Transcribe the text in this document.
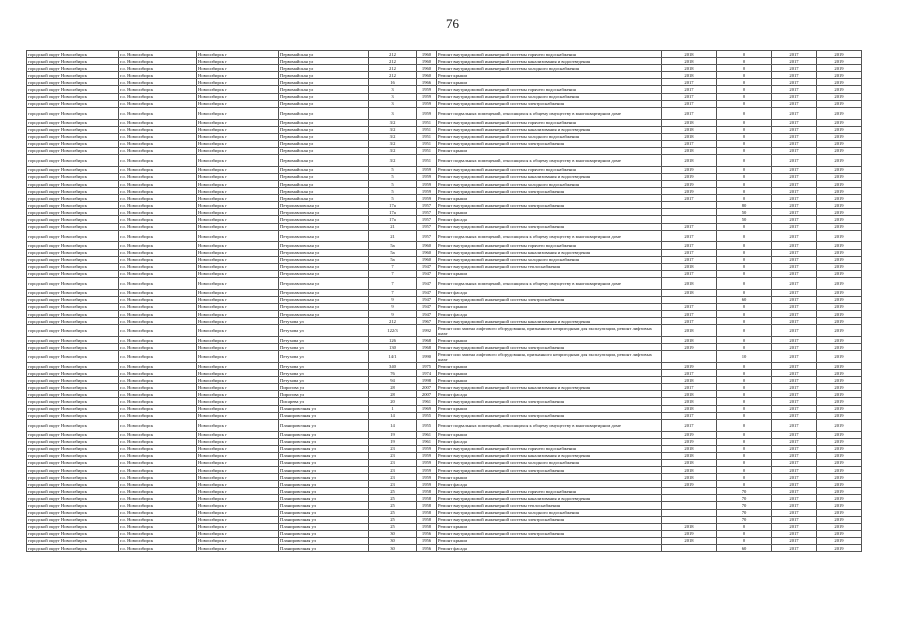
76
городской округ Новосибирск	г.о. Новосибирск	Новосибирск г	Первомайская ул	212	1960	Ремонт внутридомовой инженерной системы горячего водоснабжения	2018	0	2017	2019
городской округ Новосибирск	г.о. Новосибирск	Новосибирск г	Первомайская ул	212	1960	Ремонт внутридомовой инженерной системы канализования и водоотведения	2018	0	2017	2019
городской округ Новосибирск	г.о. Новосибирск	Новосибирск г	Первомайская ул	212	1960	Ремонт внутридомовой инженерной системы холодного водоснабжения	2018	0	2017	2019
городской округ Новосибирск	г.о. Новосибирск	Новосибирск г	Первомайская ул	212	1960	Ремонт крыши	2018	0	2017	2019
городской округ Новосибирск	г.о. Новосибирск	Новосибирск г	Первомайская ул	16	1966	Ремонт крыши	2017	0	2017	2019
городской округ Новосибирск	г.о. Новосибирск	Новосибирск г	Первомайская ул	3	1959	Ремонт внутридомовой инженерной системы горячего водоснабжения	2017	0	2017	2019
городской округ Новосибирск	г.о. Новосибирск	Новосибирск г	Первомайская ул	3	1959	Ремонт внутридомовой инженерной системы холодного водоснабжения	2017	0	2017	2019
городской округ Новосибирск	г.о. Новосибирск	Новосибирск г	Первомайская ул	3	1959	Ремонт внутридомовой инженерной системы электроснабжения	2017	0	2017	2019
городской округ Новосибирск	г.о. Новосибирск	Новосибирск г	Первомайская ул	3	1959	Ремонт подвальных помещений, относящихся к общему имуществу в многоквартирном доме	2017	0	2017	2019
городской округ Новосибирск	г.о. Новосибирск	Новосибирск г	Первомайская ул	3/2	1951	Ремонт внутридомовой инженерной системы горячего водоснабжения	2018	0	2017	2019
городской округ Новосибирск	г.о. Новосибирск	Новосибирск г	Первомайская ул	3/2	1951	Ремонт внутридомовой инженерной системы канализования и водоотведения	2018	0	2017	2019
городской округ Новосибирск	г.о. Новосибирск	Новосибирск г	Первомайская ул	3/2	1951	Ремонт внутридомовой инженерной системы холодного водоснабжения	2018	0	2017	2019
городской округ Новосибирск	г.о. Новосибирск	Новосибирск г	Первомайская ул	3/2	1951	Ремонт внутридомовой инженерной системы электроснабжения	2017	0	2017	2019
городской округ Новосибирск	г.о. Новосибирск	Новосибирск г	Первомайская ул	3/2	1951	Ремонт крыши	2018	0	2017	2019
городской округ Новосибирск	г.о. Новосибирск	Новосибирск г	Первомайская ул	3/2	1951	Ремонт подвальных помещений, относящихся к общему имуществу в многоквартирном доме	2018	0	2017	2019
городской округ Новосибирск	г.о. Новосибирск	Новосибирск г	Первомайская ул	5	1959	Ремонт внутридомовой инженерной системы горячего водоснабжения	2019	0	2017	2019
городской округ Новосибирск	г.о. Новосибирск	Новосибирск г	Первомайская ул	5	1959	Ремонт внутридомовой инженерной системы канализования и водоотведения	2019	0	2017	2019
городской округ Новосибирск	г.о. Новосибирск	Новосибирск г	Первомайская ул	5	1959	Ремонт внутридомовой инженерной системы холодного водоснабжения	2019	0	2017	2019
городской округ Новосибирск	г.о. Новосибирск	Новосибирск г	Первомайская ул	5	1959	Ремонт внутридомовой инженерной системы электроснабжения	2019	0	2017	2019
городской округ Новосибирск	г.о. Новосибирск	Новосибирск г	Первомайская ул	5	1959	Ремонт крыши	2017	0	2017	2019
городской округ Новосибирск	г.о. Новосибирск	Новосибирск г	Петропавловская ул	17а	1957	Ремонт внутридомовой инженерной системы электроснабжения		80	2017	2019
городской округ Новосибирск	г.о. Новосибирск	Новосибирск г	Петропавловская ул	17а	1957	Ремонт крыши		50	2017	2019
городской округ Новосибирск	г.о. Новосибирск	Новосибирск г	Петропавловская ул	17а	1957	Ремонт фасада		50	2017	2019
городской округ Новосибирск	г.о. Новосибирск	Новосибирск г	Петропавловская ул	21	1957	Ремонт внутридомовой инженерной системы электроснабжения	2017	0	2017	2019
городской округ Новосибирск	г.о. Новосибирск	Новосибирск г	Петропавловская ул	21	1957	Ремонт подвальных помещений, относящихся к общему имуществу в многоквартирном доме	2017	0	2017	2019
городской округ Новосибирск	г.о. Новосибирск	Новосибирск г	Петропавловская ул	5а	1960	Ремонт внутридомовой инженерной системы горячего водоснабжения	2017	0	2017	2019
городской округ Новосибирск	г.о. Новосибирск	Новосибирск г	Петропавловская ул	5а	1960	Ремонт внутридомовой инженерной системы канализования и водоотведения	2017	0	2017	2019
городской округ Новосибирск	г.о. Новосибирск	Новосибирск г	Петропавловская ул	5а	1960	Ремонт внутридомовой инженерной системы холодного водоснабжения	2017	0	2017	2019
городской округ Новосибирск	г.о. Новосибирск	Новосибирск г	Петропавловская ул	7	1947	Ремонт внутридомовой инженерной системы теплоснабжения	2018	0	2017	2019
городской округ Новосибирск	г.о. Новосибирск	Новосибирск г	Петропавловская ул	7	1947	Ремонт крыши	2017	0	2017	2019
городской округ Новосибирск	г.о. Новосибирск	Новосибирск г	Петропавловская ул	7	1947	Ремонт подвальных помещений, относящихся к общему имуществу в многоквартирном доме	2018	0	2017	2019
городской округ Новосибирск	г.о. Новосибирск	Новосибирск г	Петропавловская ул	7	1947	Ремонт фасада	2018	0	2017	2019
городской округ Новосибирск	г.о. Новосибирск	Новосибирск г	Петропавловская ул	9	1947	Ремонт внутридомовой инженерной системы электроснабжения		60	2017	2019
городской округ Новосибирск	г.о. Новосибирск	Новосибирск г	Петропавловская ул	9	1947	Ремонт крыши	2017	0	2017	2019
городской округ Новосибирск	г.о. Новосибирск	Новосибирск г	Петропавловская ул	9	1947	Ремонт фасада	2017	0	2017	2019
городской округ Новосибирск	г.о. Новосибирск	Новосибирск г	Петухова ул	212	1967	Ремонт внутридомовой инженерной системы канализования и водоотведения	2017	0	2017	2019
городской округ Новосибирск	г.о. Новосибирск	Новосибирск г	Петухова ул	122/3	1992	Ремонт или замена лифтового оборудования, признанного непригодным для эксплуатации, ремонт лифтовых шахт	2018	0	2017	2019
городской округ Новосибирск	г.о. Новосибирск	Новосибирск г	Петухова ул	126	1968	Ремонт крыши	2018	0	2017	2019
городской округ Новосибирск	г.о. Новосибирск	Новосибирск г	Петухова ул	130	1968	Ремонт внутридомовой инженерной системы электроснабжения	2019	0	2017	2019
городской округ Новосибирск	г.о. Новосибирск	Новосибирск г	Петухова ул	14/1	1990	Ремонт или замена лифтового оборудования, признанного непригодным для эксплуатации, ремонт лифтовых шахт		10	2017	2019
городской округ Новосибирск	г.о. Новосибирск	Новосибирск г	Петухова ул	340	1975	Ремонт крыши	2019	0	2017	2019
городской округ Новосибирск	г.о. Новосибирск	Новосибирск г	Петухова ул	76	1974	Ремонт крыши	2017	0	2017	2019
городской округ Новосибирск	г.о. Новосибирск	Новосибирск г	Петухова ул	94	1998	Ремонт крыши	2018	0	2017	2019
городской округ Новосибирск	г.о. Новосибирск	Новосибирск г	Пирогова ул	28	2007	Ремонт внутридомовой инженерной системы канализования и водоотведения	2017	0	2017	2019
городской округ Новосибирск	г.о. Новосибирск	Новосибирск г	Пирогова ул	28	2007	Ремонт фасада	2018	0	2017	2019
городской округ Новосибирск	г.о. Новосибирск	Новосибирск г	Писарева ул	20	1961	Ремонт внутридомовой инженерной системы электроснабжения	2018	0	2017	2019
городской округ Новосибирск	г.о. Новосибирск	Новосибирск г	Планировочная ул	1	1969	Ремонт крыши	2018	0	2017	2019
городской округ Новосибирск	г.о. Новосибирск	Новосибирск г	Планировочная ул	14	1955	Ремонт внутридомовой инженерной системы электроснабжения	2017	0	2017	2019
городской округ Новосибирск	г.о. Новосибирск	Новосибирск г	Планировочная ул	14	1955	Ремонт подвальных помещений, относящихся к общему имуществу в многоквартирном доме	2017	0	2017	2019
городской округ Новосибирск	г.о. Новосибирск	Новосибирск г	Планировочная ул	19	1961	Ремонт крыши	2019	0	2017	2019
городской округ Новосибирск	г.о. Новосибирск	Новосибирск г	Планировочная ул	19	1961	Ремонт фасада	2019	0	2017	2019
городской округ Новосибирск	г.о. Новосибирск	Новосибирск г	Планировочная ул	23	1959	Ремонт внутридомовой инженерной системы горячего водоснабжения	2018	0	2017	2019
городской округ Новосибирск	г.о. Новосибирск	Новосибирск г	Планировочная ул	23	1959	Ремонт внутридомовой инженерной системы канализования и водоотведения	2018	0	2017	2019
городской округ Новосибирск	г.о. Новосибирск	Новосибирск г	Планировочная ул	23	1959	Ремонт внутридомовой инженерной системы холодного водоснабжения	2018	0	2017	2019
городской округ Новосибирск	г.о. Новосибирск	Новосибирск г	Планировочная ул	23	1959	Ремонт внутридомовой инженерной системы электроснабжения	2018	0	2017	2019
городской округ Новосибирск	г.о. Новосибирск	Новосибирск г	Планировочная ул	23	1959	Ремонт крыши	2018	0	2017	2019
городской округ Новосибирск	г.о. Новосибирск	Новосибирск г	Планировочная ул	23	1959	Ремонт фасада	2019	0	2017	2019
городской округ Новосибирск	г.о. Новосибирск	Новосибирск г	Планировочная ул	25	1958	Ремонт внутридомовой инженерной системы горячего водоснабжения		70	2017	2019
городской округ Новосибирск	г.о. Новосибирск	Новосибирск г	Планировочная ул	25	1958	Ремонт внутридомовой инженерной системы канализования и водоотведения		70	2017	2019
городской округ Новосибирск	г.о. Новосибирск	Новосибирск г	Планировочная ул	25	1958	Ремонт внутридомовой инженерной системы теплоснабжения		70	2017	2019
городской округ Новосибирск	г.о. Новосибирск	Новосибирск г	Планировочная ул	25	1958	Ремонт внутридомовой инженерной системы холодного водоснабжения		70	2017	2019
городской округ Новосибирск	г.о. Новосибирск	Новосибирск г	Планировочная ул	25	1958	Ремонт внутридомовой инженерной системы электроснабжения		70	2017	2019
городской округ Новосибирск	г.о. Новосибирск	Новосибирск г	Планировочная ул	25	1958	Ремонт крыши	2018	0	2017	2019
городской округ Новосибирск	г.о. Новосибирск	Новосибирск г	Планировочная ул	30	1956	Ремонт внутридомовой инженерной системы электроснабжения	2019	0	2017	2019
городской округ Новосибирск	г.о. Новосибирск	Новосибирск г	Планировочная ул	30	1956	Ремонт крыши	2018	0	2017	2019
городской округ Новосибирск	г.о. Новосибирск	Новосибирск г	Планировочная ул	30	1956	Ремонт фасада		60	2017	2019
